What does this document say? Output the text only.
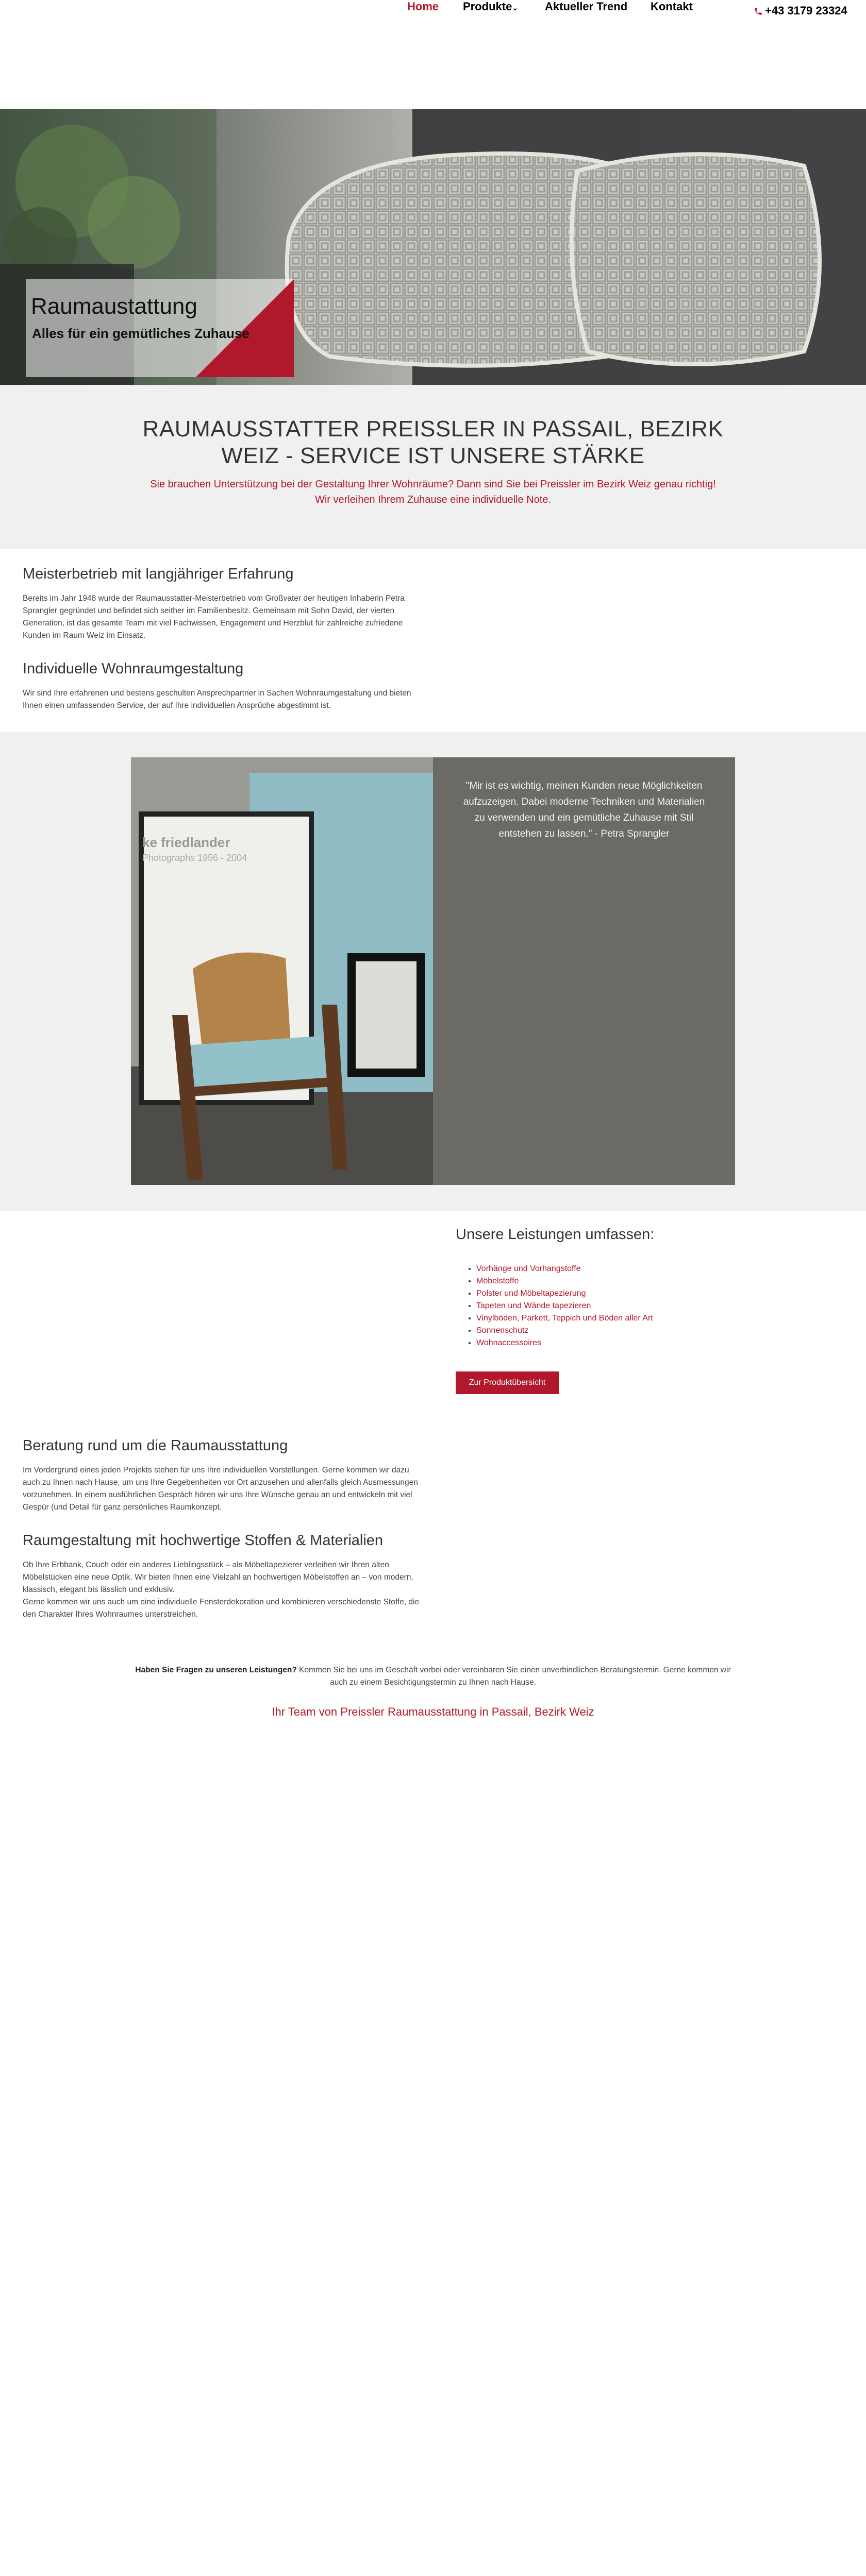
Home Produkte⌄ Aktueller Trend Kontakt	+43 3179 23324
Raumaustattung
Alles für ein gemütliches Zuhause
RAUMAUSSTATTER PREISSLER IN PASSAIL, BEZIRK WEIZ - SERVICE IST UNSERE STÄRKE

Sie brauchen Unterstützung bei der Gestaltung Ihrer Wohnräume? Dann sind Sie bei Preissler im Bezirk Weiz genau richtig! Wir verleihen Ihrem Zuhause eine individuelle Note.

Meisterbetrieb mit langjähriger Erfahrung

Bereits im Jahr 1948 wurde der Raumausstatter-Meisterbetrieb vom Großvater der heutigen Inhaberin Petra Sprangler gegründet und befindet sich seither im Familienbesitz. Gemeinsam mit Sohn David, der vierten Generation, ist das gesamte Team mit viel Fachwissen, Engagement und Herzblut für zahlreiche zufriedene Kunden im Raum Weiz im Einsatz.

Individuelle Wohnraumgestaltung

Wir sind Ihre erfahrenen und bestens geschulten Ansprechpartner in Sachen Wohnraumgestaltung und bieten Ihnen einen umfassenden Service, der auf Ihre individuellen Ansprüche abgestimmt ist.

ke friedlander
Photographs 1956 - 2004

"Mir ist es wichtig, meinen Kunden neue Möglichkeiten aufzuzeigen. Dabei moderne Techniken und Materialien zu verwenden und ein gemütliche Zuhause mit Stil entstehen zu lassen." - Petra Sprangler

Unsere Leistungen umfassen:
• Vorhänge und Vorhangstoffe
• Möbelstoffe
• Polster und Möbeltapezierung
• Tapeten und Wände tapezieren
• Vinylböden, Parkett, Teppich und Böden aller Art
• Sonnenschutz
• Wohnaccessoires
Zur Produktübersicht
Beratung rund um die Raumausstattung

Im Vordergrund eines jeden Projekts stehen für uns Ihre individuellen Vorstellungen. Gerne kommen wir dazu auch zu Ihnen nach Hause, um uns Ihre Gegebenheiten vor Ort anzusehen und allenfalls gleich Ausmessungen vorzunehmen. In einem ausführlichen Gespräch hören wir uns Ihre Wünsche genau an und entwickeln mit viel Gespür (und Detail für ganz persönliches Raumkonzept.

Raumgestaltung mit hochwertige Stoffen & Materialien

Ob Ihre Erbbank, Couch oder ein anderes Lieblingsstück – als Möbeltapezierer verleihen wir Ihren alten Möbelstücken eine neue Optik. Wir bieten Ihnen eine Vielzahl an hochwertigen Möbelstoffen an – von modern, klassisch, elegant bis lässlich und exklusiv.

Gerne kommen wir uns auch um eine individuelle Fensterdekoration und kombinieren verschiedenste Stoffe, die den Charakter Ihres Wohnraumes unterstreichen.

Haben Sie Fragen zu unseren Leistungen? Kommen Sie bei uns im Geschäft vorbei oder vereinbaren Sie einen unverbindlichen Beratungstermin. Gerne kommen wir auch zu einem Besichtigungstermin zu Ihnen nach Hause.

Ihr Team von Preissler Raumausstattung in Passail, Bezirk Weiz
